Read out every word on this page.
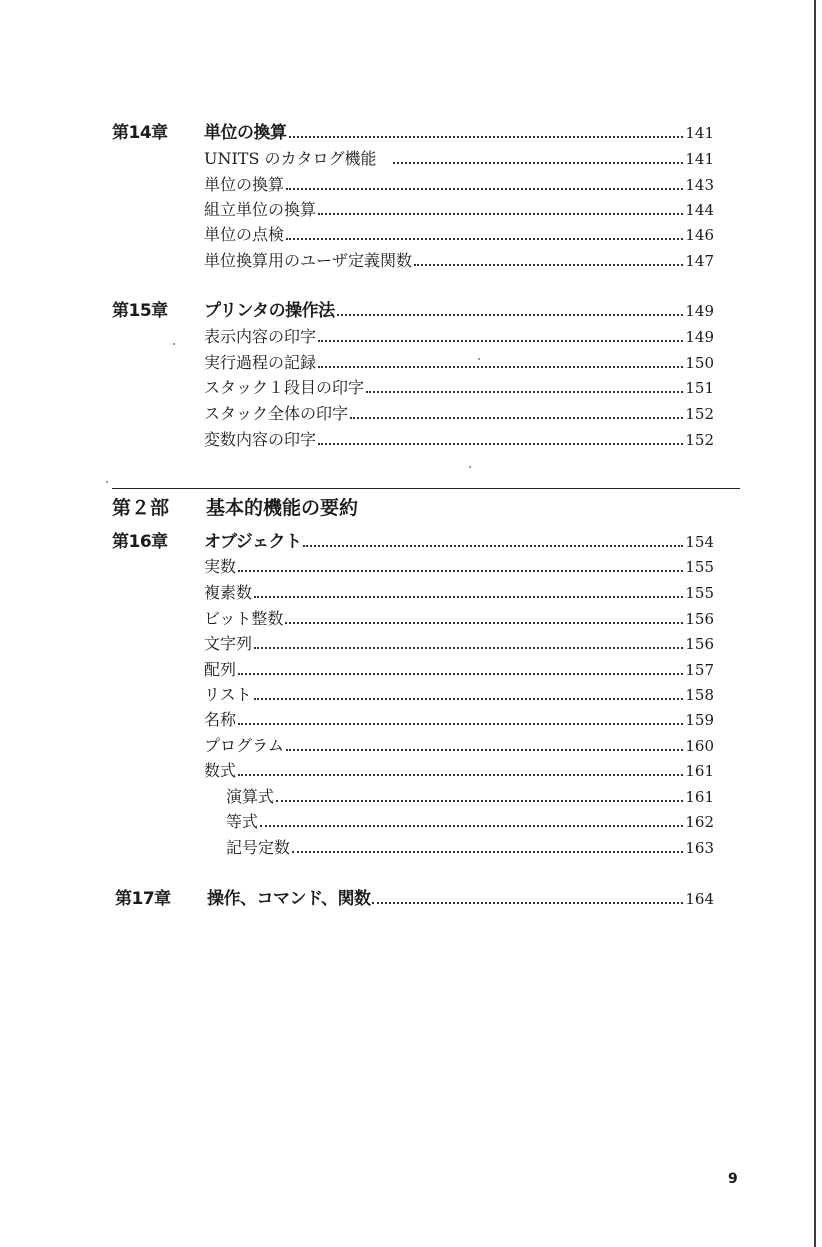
第14章 単位の換算	141
UNITS のカタログ機能	141
単位の換算	143
組立単位の換算	144
単位の点検	146
単位換算用のユーザ定義関数	147
第15章 プリンタの操作法	149
表示内容の印字	149
実行過程の記録	150
スタック１段目の印字	151
スタック全体の印字	152
変数内容の印字	152
第２部 基本的機能の要約
第16章 オブジェクト	154
実数	155
複素数	155
ビット整数	156
文字列	156
配列	157
リスト	158
名称	159
プログラム	160
数式	161
演算式	161
等式	162
記号定数	163
第17章 操作、コマンド、関数	164
9
